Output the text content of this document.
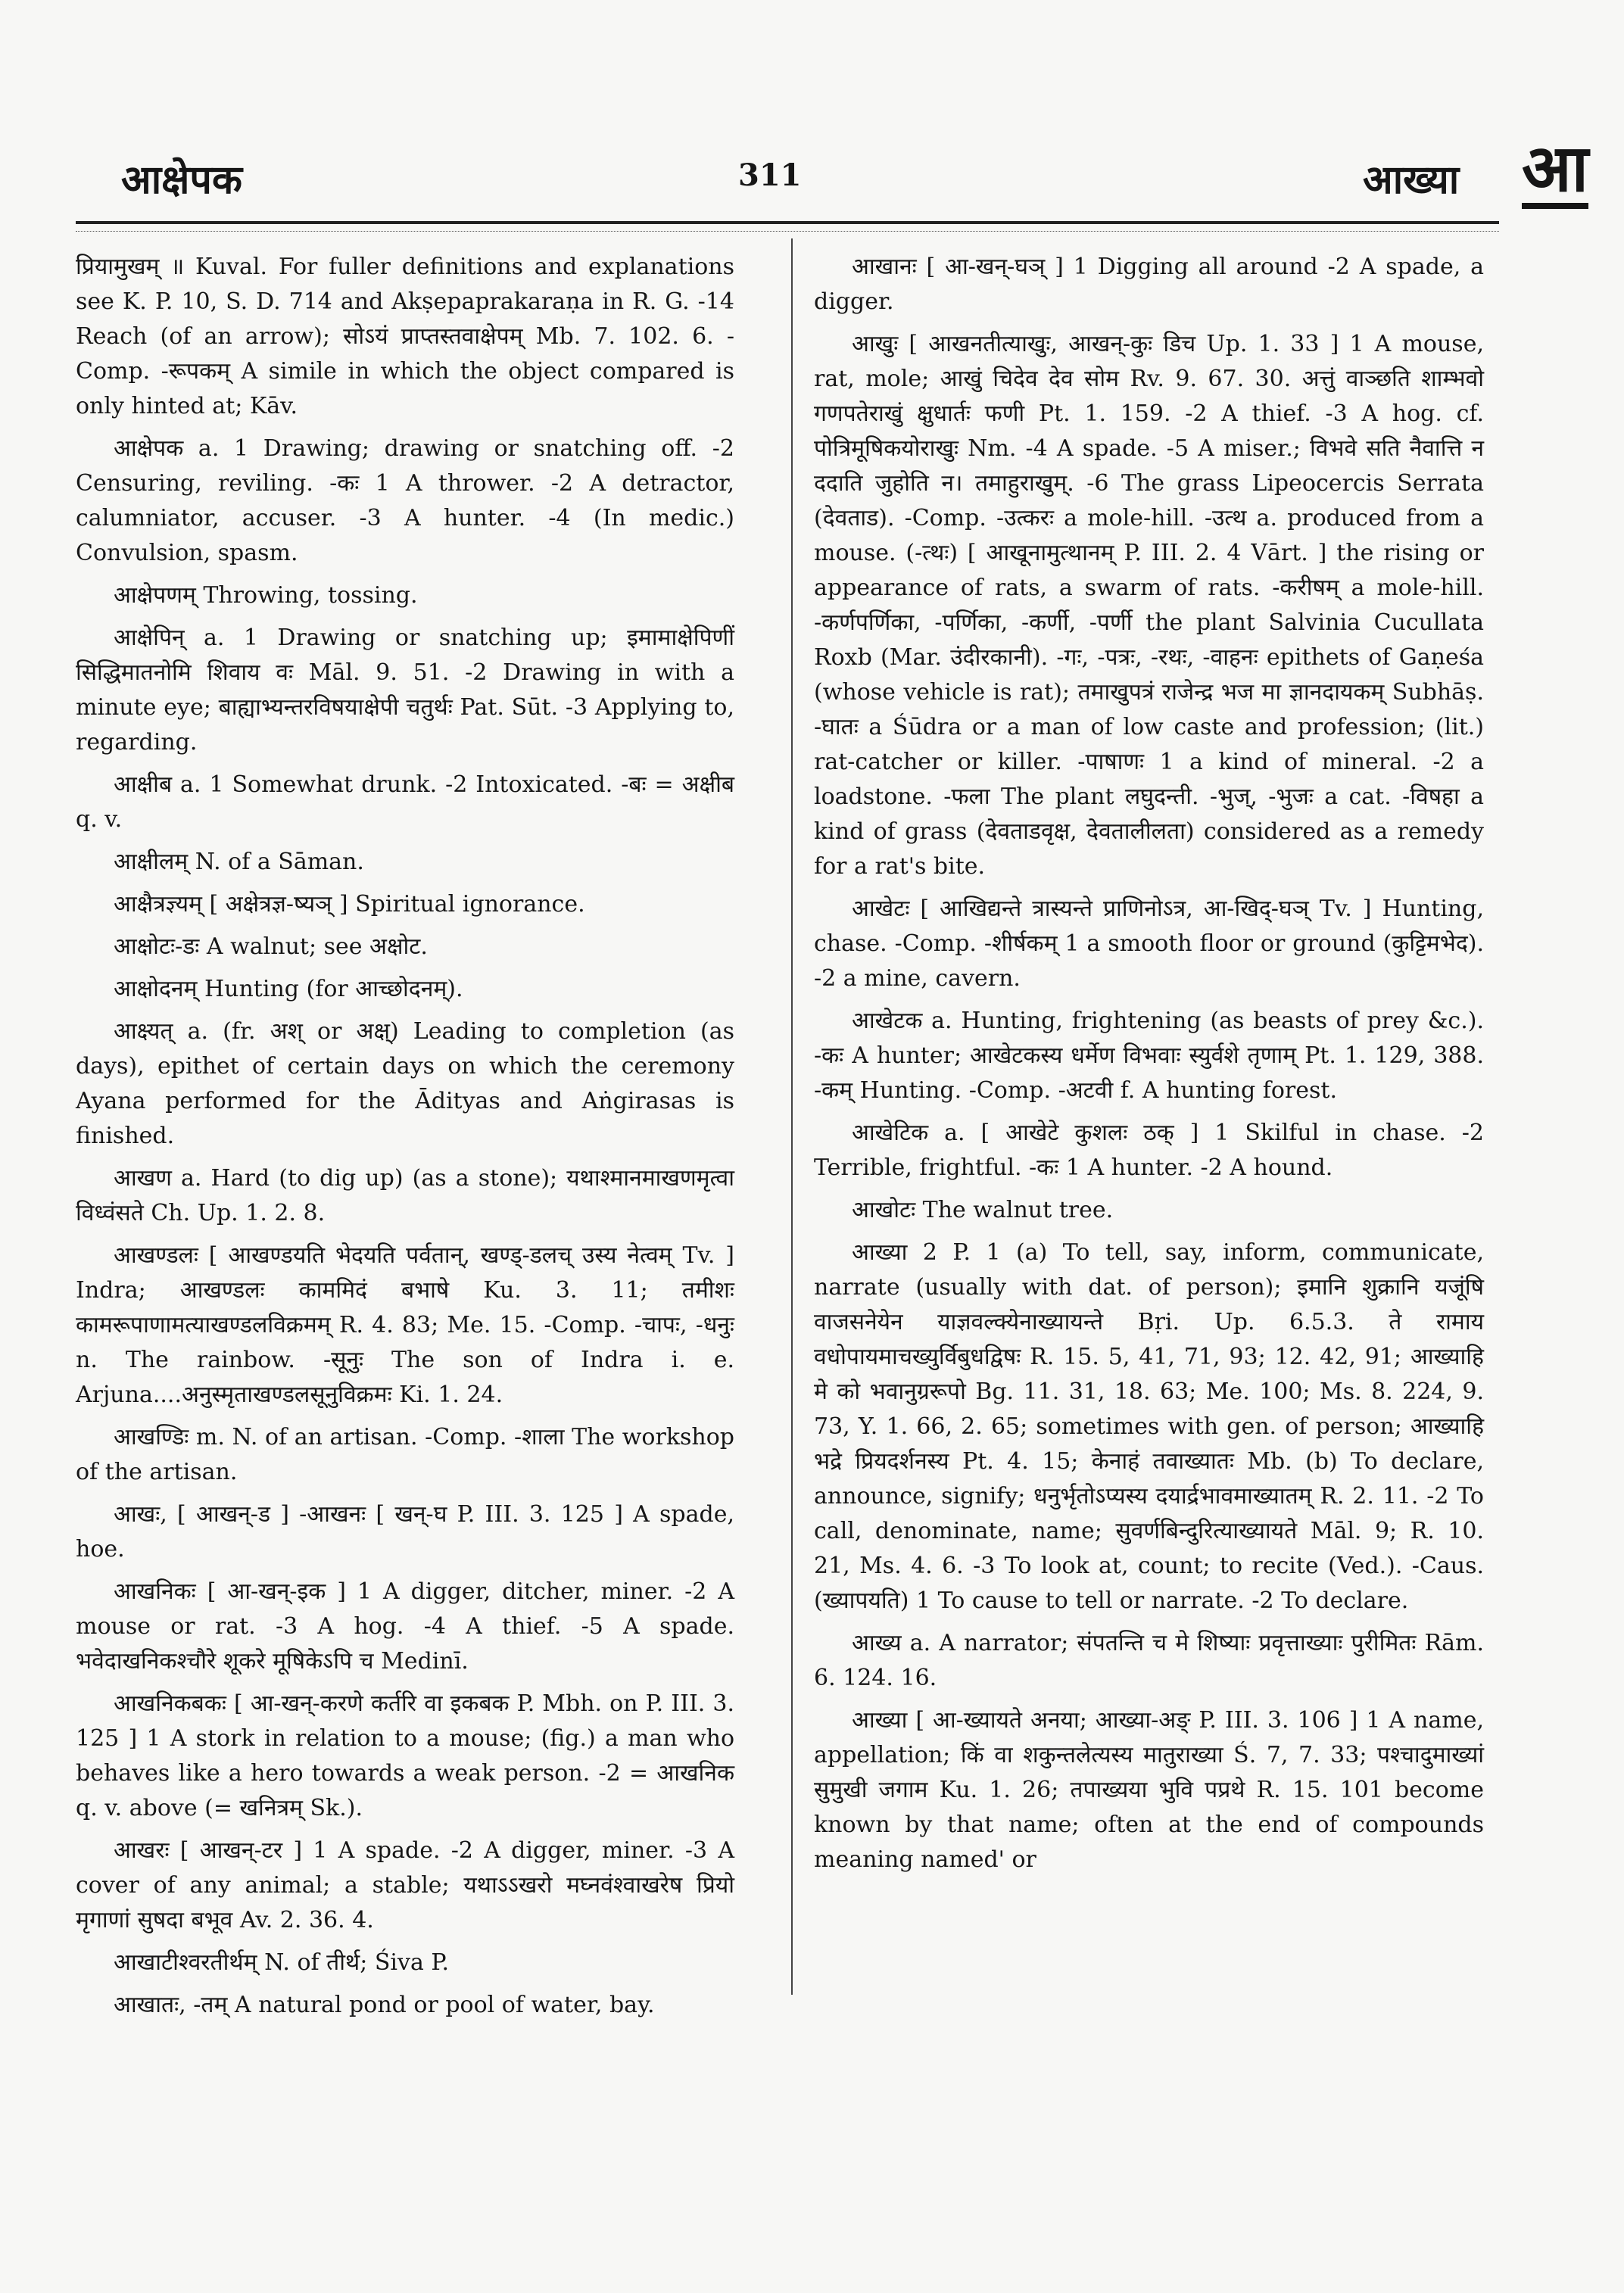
आक्षेपक	311	आख्या आ

प्रियामुखम् ॥ Kuval. For fuller definitions and explanations see K. P. 10, S. D. 714 and Akṣepaprakaraṇa in R. G. -14 Reach (of an arrow); सोऽयं प्राप्तस्तवाक्षेपम् Mb. 7. 102. 6. -Comp. -रूपकम् A simile in which the object compared is only hinted at; Kāv.

आक्षेपक a. 1 Drawing; drawing or snatching off. -2 Censuring, reviling. -कः 1 A thrower. -2 A detractor, calumniator, accuser. -3 A hunter. -4 (In medic.) Convulsion, spasm.

आक्षेपणम् Throwing, tossing.

आक्षेपिन् a. 1 Drawing or snatching up; इमामाक्षेपिणीं सिद्धिमातनोमि शिवाय वः Māl. 9. 51. -2 Drawing in with a minute eye; बाह्याभ्यन्तरविषयाक्षेपी चतुर्थः Pat. Sūt. -3 Applying to, regarding.

आक्षीब a. 1 Somewhat drunk. -2 Intoxicated. -बः = अक्षीब q. v.

आक्षीलम् N. of a Sāman.

आक्षैत्रज्ञ्यम् [ अक्षेत्रज्ञ-ष्यञ् ] Spiritual ignorance.

आक्षोटः-डः A walnut; see अक्षोट.

आक्षोदनम् Hunting (for आच्छोदनम्).

आक्ष्यत् a. (fr. अश् or अक्ष्) Leading to completion (as days), epithet of certain days on which the ceremony Ayana performed for the Ādityas and Aṅgirasas is finished.

आखण a. Hard (to dig up) (as a stone); यथाश्मानमाखणमृत्वा विध्वंसते Ch. Up. 1. 2. 8.

आखण्डलः [ आखण्डयति भेदयति पर्वतान्, खण्ड्-डलच् उस्य नेत्वम् Tv. ] Indra; आखण्डलः काममिदं बभाषे Ku. 3. 11; तमीशः कामरूपाणामत्याखण्डलविक्रमम् R. 4. 83; Me. 15. -Comp. -चापः, -धनुः n. The rainbow. -सूनुः The son of Indra i. e. Arjuna....अनुस्मृताखण्डलसूनुविक्रमः Ki. 1. 24.

आखण्डिः m. N. of an artisan. -Comp. -शाला The workshop of the artisan.

आखः, [ आखन्-ड ] -आखनः [ खन्-घ P. III. 3. 125 ] A spade, hoe.

आखनिकः [ आ-खन्-इक ] 1 A digger, ditcher, miner. -2 A mouse or rat. -3 A hog. -4 A thief. -5 A spade. भवेदाखनिकश्चौरे शूकरे मूषिकेऽपि च Medinī.

आखनिकबकः [ आ-खन्-करणे कर्तरि वा इकबक P. Mbh. on P. III. 3. 125 ] 1 A stork in relation to a mouse; (fig.) a man who behaves like a hero towards a weak person. -2 = आखनिक q. v. above (= खनित्रम् Sk.).

आखरः [ आखन्-टर ] 1 A spade. -2 A digger, miner. -3 A cover of any animal; a stable; यथाऽऽखरो मघ्नवंश्वाखरेष प्रियो मृगाणां सुषदा बभूव Av. 2. 36. 4.

आखाटीश्वरतीर्थम् N. of तीर्थ; Śiva P.

आखातः, -तम् A natural pond or pool of water, bay.

आखानः [ आ-खन्-घञ् ] 1 Digging all around -2 A spade, a digger.

आखुः [ आखनतीत्याखुः, आखन्-कुः डिच Up. 1. 33 ] 1 A mouse, rat, mole; आखुं चिदेव देव सोम Rv. 9. 67. 30. अत्तुं वाञ्छति शाम्भवो गणपतेराखुं क्षुधार्तः फणी Pt. 1. 159. -2 A thief. -3 A hog. cf. पोत्रिमूषिकयोराखुः Nm. -4 A spade. -5 A miser.; विभवे सति नैवात्ति न ददाति जुहोति न। तमाहुराखुम्. -6 The grass Lipeocercis Serrata (देवताड). -Comp. -उत्करः a mole-hill. -उत्थ a. produced from a mouse. (-त्थः) [ आखूनामुत्थानम् P. III. 2. 4 Vārt. ] the rising or appearance of rats, a swarm of rats. -करीषम् a mole-hill. -कर्णपर्णिका, -पर्णिका, -कर्णी, -पर्णी the plant Salvinia Cucullata Roxb (Mar. उंदीरकानी). -गः, -पत्रः, -रथः, -वाहनः epithets of Gaṇeśa (whose vehicle is rat); तमाखुपत्रं राजेन्द्र भज मा ज्ञानदायकम् Subhāṣ. -घातः a Śūdra or a man of low caste and profession; (lit.) rat-catcher or killer. -पाषाणः 1 a kind of mineral. -2 a loadstone. -फला The plant लघुदन्ती. -भुज्, -भुजः a cat. -विषहा a kind of grass (देवताडवृक्ष, देवतालीलता) considered as a remedy for a rat's bite.

आखेटः [ आखिद्यन्ते त्रास्यन्ते प्राणिनोऽत्र, आ-खिद्-घञ् Tv. ] Hunting, chase. -Comp. -शीर्षकम् 1 a smooth floor or ground (कुट्टिमभेद). -2 a mine, cavern.

आखेटक a. Hunting, frightening (as beasts of prey &c.). -कः A hunter; आखेटकस्य धर्मेण विभवाः स्युर्वशे तृणाम् Pt. 1. 129, 388. -कम् Hunting. -Comp. -अटवी f. A hunting forest.

आखेटिक a. [ आखेटे कुशलः ठक् ] 1 Skilful in chase. -2 Terrible, frightful. -कः 1 A hunter. -2 A hound.

आखोटः The walnut tree.

आख्या 2 P. 1 (a) To tell, say, inform, communicate, narrate (usually with dat. of person); इमानि शुक्रानि यजूंषि वाजसनेयेन याज्ञवल्क्येनाख्यायन्ते Bṛi. Up. 6.5.3. ते रामाय वधोपायमाचख्युर्विबुधद्विषः R. 15. 5, 41, 71, 93; 12. 42, 91; आख्याहि मे को भवानुग्ररूपो Bg. 11. 31, 18. 63; Me. 100; Ms. 8. 224, 9. 73, Y. 1. 66, 2. 65; sometimes with gen. of person; आख्याहि भद्रे प्रियदर्शनस्य Pt. 4. 15; केनाहं तवाख्यातः Mb. (b) To declare, announce, signify; धनुर्भृतोऽप्यस्य दयार्द्रभावमाख्यातम् R. 2. 11. -2 To call, denominate, name; सुवर्णबिन्दुरित्याख्यायते Māl. 9; R. 10. 21, Ms. 4. 6. -3 To look at, count; to recite (Ved.). -Caus. (ख्यापयति) 1 To cause to tell or narrate. -2 To declare.

आख्य a. A narrator; संपतन्ति च मे शिष्याः प्रवृत्ताख्याः पुरीमितः Rām. 6. 124. 16.

आख्या [ आ-ख्यायते अनया; आख्या-अङ् P. III. 3. 106 ] 1 A name, appellation; किं वा शकुन्तलेत्यस्य मातुराख्या Ś. 7, 7. 33; पश्चादुमाख्यां सुमुखी जगाम Ku. 1. 26; तपाख्यया भुवि पप्रथे R. 15. 101 become known by that name; often at the end of compounds meaning named' or
